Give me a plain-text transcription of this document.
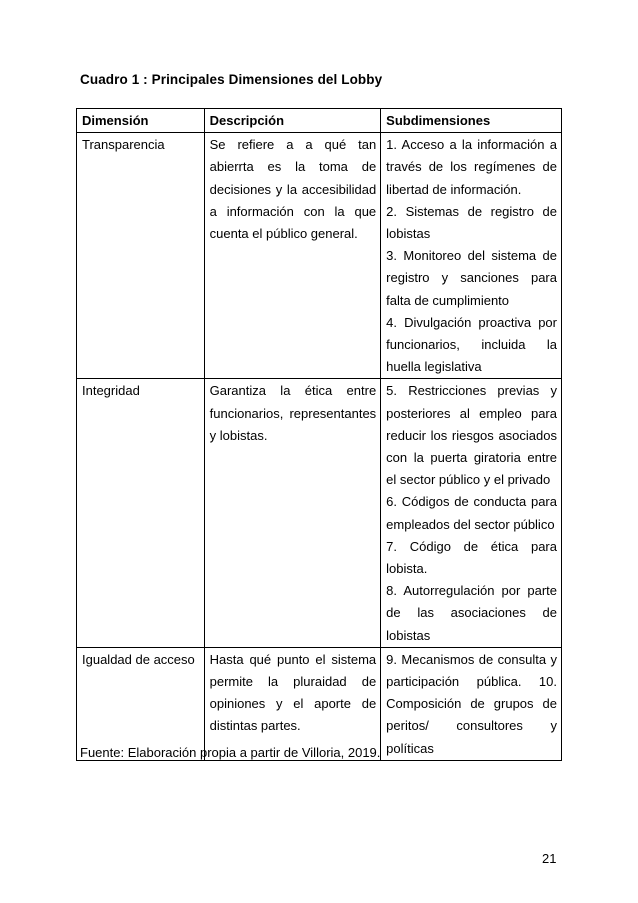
Cuadro 1 : Principales Dimensiones del Lobby
Dimensión	Descripción	Subdimensiones
Transparencia	Se refiere a a qué tan abierrta es la toma de decisiones y la accesibilidad a información con la que cuenta el público general.	1. Acceso a la información a través de los regímenes de libertad de información.
2. Sistemas de registro de lobistas
3. Monitoreo del sistema de registro y sanciones para falta de cumplimiento
4. Divulgación proactiva por funcionarios, incluida la huella legislativa

Integridad	Garantiza la ética entre funcionarios, representantes y lobistas.	5. Restricciones previas y posteriores al empleo para reducir los riesgos asociados con la puerta giratoria entre el sector público y el privado
6. Códigos de conducta para empleados del sector público
7. Código de ética para lobista.
8. Autorregulación por parte de las asociaciones de lobistas

Igualdad de acceso	Hasta qué punto el sistema permite la pluraidad de opiniones y el aporte de distintas partes.	9. Mecanismos de consulta y participación pública. 10. Composición de grupos de peritos/ consultores y políticas
Fuente: Elaboración propia a partir de Villoria, 2019.
21
